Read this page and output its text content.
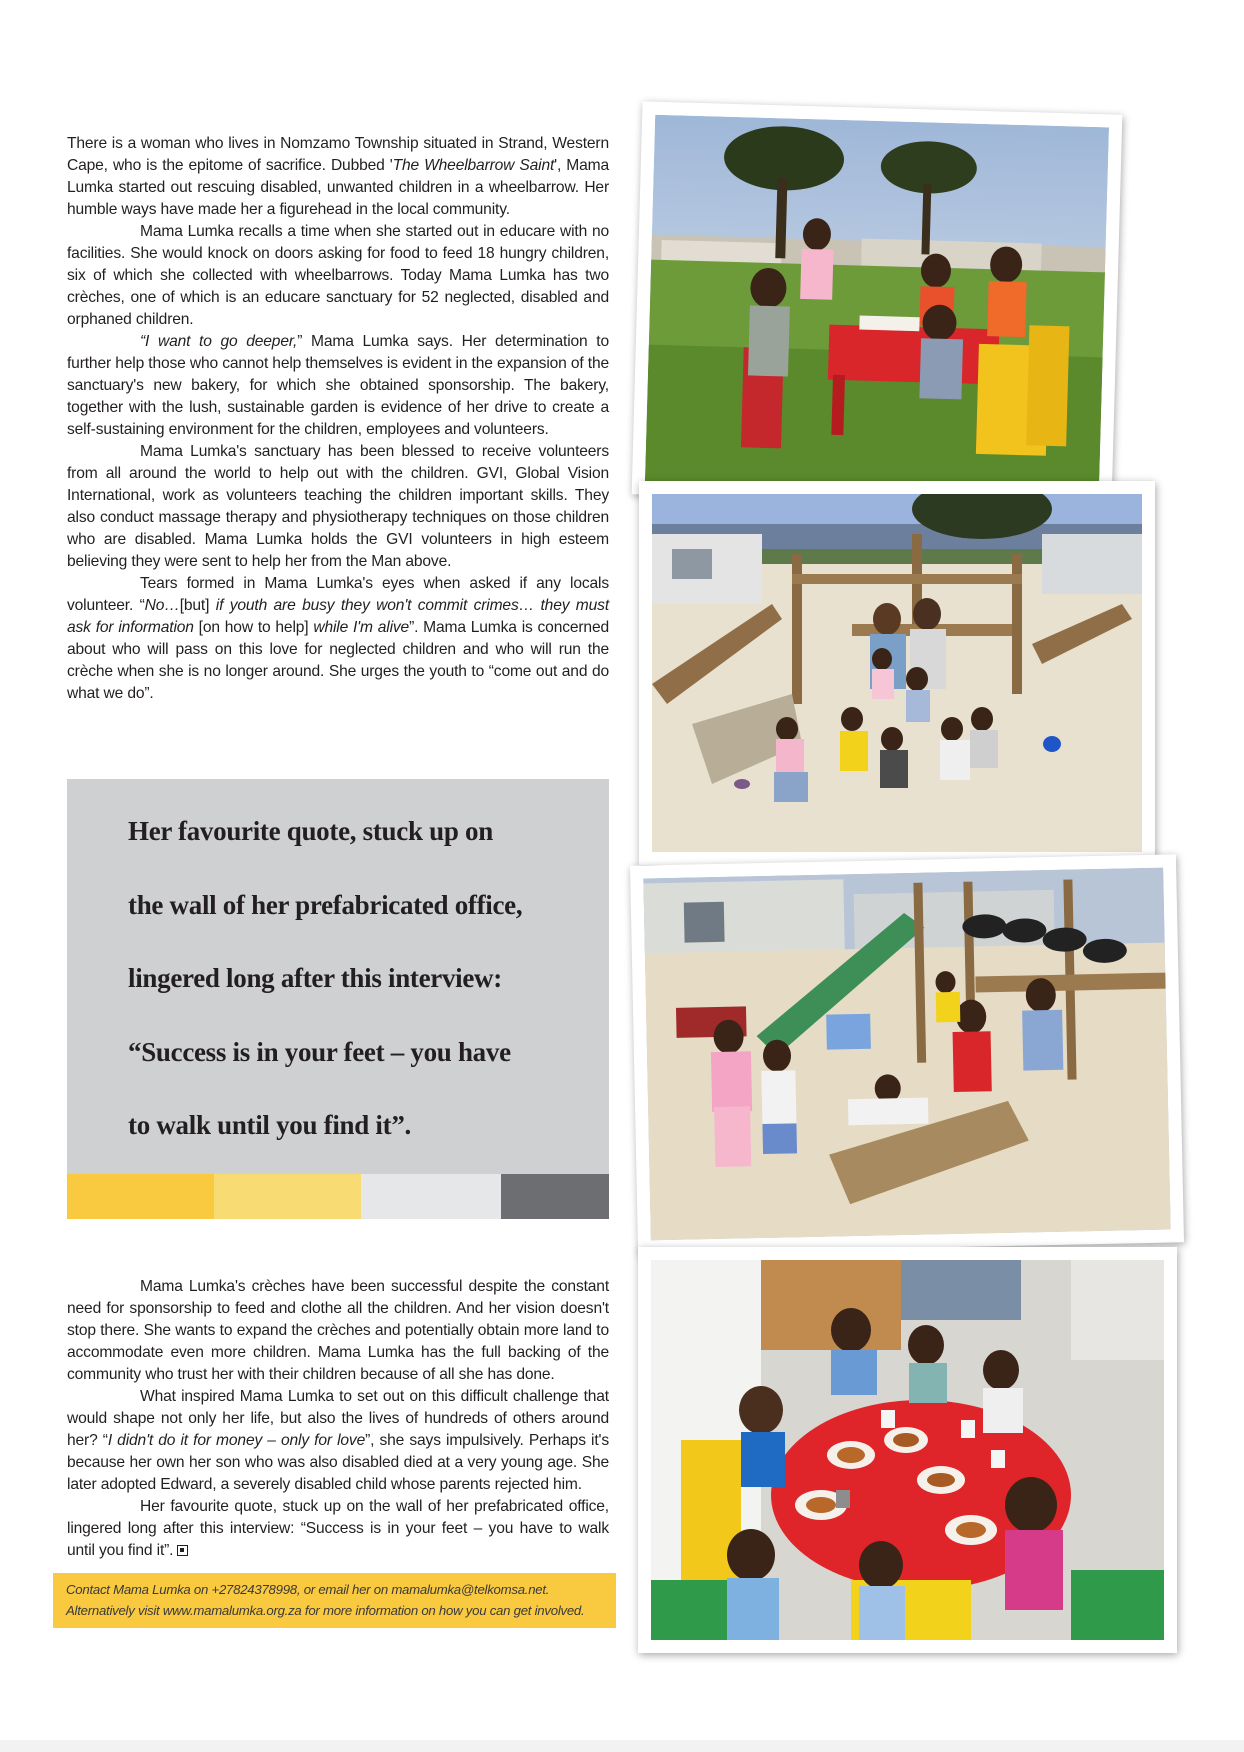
There is a woman who lives in Nomzamo Township situated in Strand, Western Cape, who is the epitome of sacrifice. Dubbed 'The Wheelbarrow Saint', Mama Lumka started out rescuing disabled, unwanted children in a wheelbarrow. Her humble ways have made her a figurehead in the local community.

Mama Lumka recalls a time when she started out in educare with no facilities. She would knock on doors asking for food to feed 18 hungry children, six of which she collected with wheelbarrows. Today Mama Lumka has two crèches, one of which is an educare sanctuary for 52 neglected, disabled and orphaned children.

“I want to go deeper,” Mama Lumka says. Her determination to further help those who cannot help themselves is evident in the expansion of the sanctuary's new bakery, for which she obtained sponsorship. The bakery, together with the lush, sustainable garden is evidence of her drive to create a self-sustaining environment for the children, employees and volunteers.

Mama Lumka's sanctuary has been blessed to receive volunteers from all around the world to help out with the children. GVI, Global Vision International, work as volunteers teaching the children important skills. They also conduct massage therapy and physiotherapy techniques on those children who are disabled. Mama Lumka holds the GVI volunteers in high esteem believing they were sent to help her from the Man above.

Tears formed in Mama Lumka's eyes when asked if any locals volunteer. “No…[but] if youth are busy they won't commit crimes… they must ask for information [on how to help] while I'm alive”. Mama Lumka is concerned about who will pass on this love for neglected children and who will run the crèche when she is no longer around. She urges the youth to “come out and do what we do”.

Her favourite quote, stuck up on
the wall of her prefabricated office,
lingered long after this interview:
“Success is in your feet – you have
to walk until you find it”.

Mama Lumka's crèches have been successful despite the constant need for sponsorship to feed and clothe all the children. And her vision doesn't stop there. She wants to expand the crèches and potentially obtain more land to accommodate even more children. Mama Lumka has the full backing of the community who trust her with their children because of all she has done.

What inspired Mama Lumka to set out on this difficult challenge that would shape not only her life, but also the lives of hundreds of others around her? “I didn't do it for money – only for love”, she says impulsively. Perhaps it's because her own her son who was also disabled died at a very young age. She later adopted Edward, a severely disabled child whose parents rejected him.

Her favourite quote, stuck up on the wall of her prefabricated office, lingered long after this interview: “Success is in your feet – you have to walk until you find it”.

Contact Mama Lumka on +27824378998, or email her on mamalumka@telkomsa.net.
Alternatively visit www.mamalumka.org.za for more information on how you can get involved.
